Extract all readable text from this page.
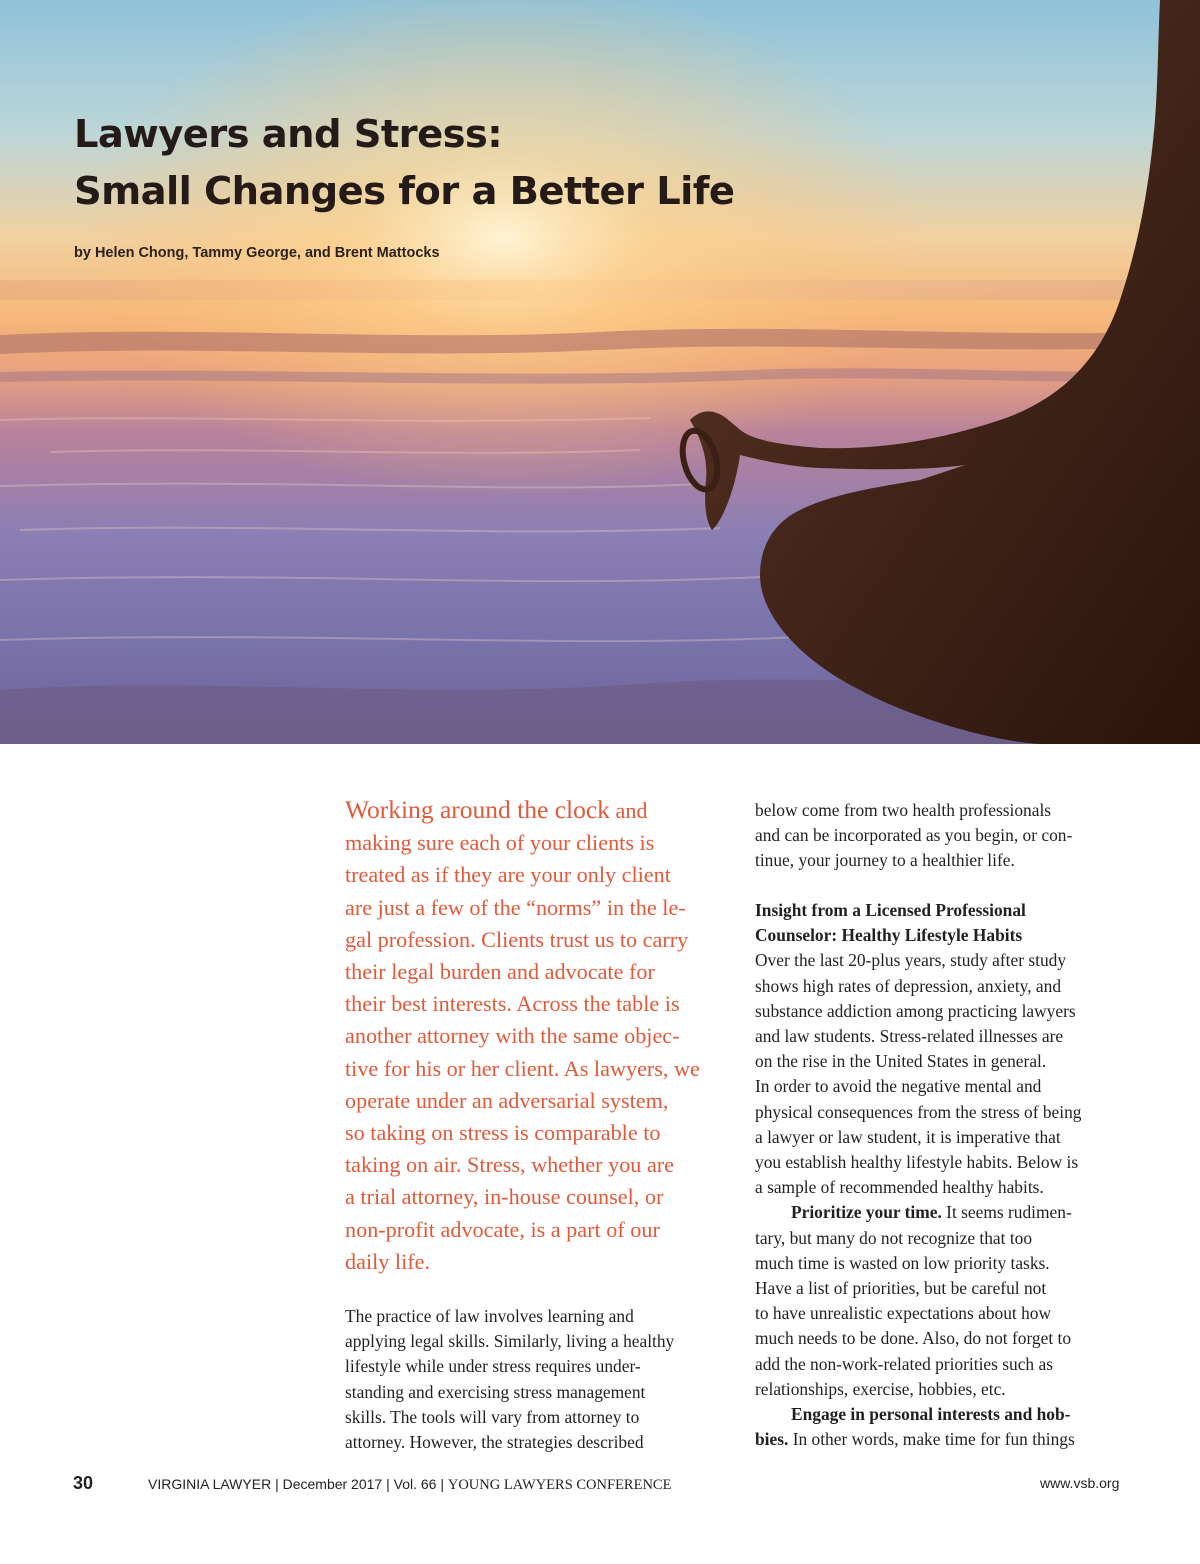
Lawyers and Stress:
Small Changes for a Better Life

by Helen Chong, Tammy George, and Brent Mattocks

Working around the clock and
making sure each of your clients is
treated as if they are your only client
are just a few of the “norms” in the le-
gal profession. Clients trust us to carry
their legal burden and advocate for
their best interests. Across the table is
another attorney with the same objec-
tive for his or her client. As lawyers, we
operate under an adversarial system,
so taking on stress is comparable to
taking on air. Stress, whether you are
a trial attorney, in-house counsel, or
non-profit advocate, is a part of our
daily life.
The practice of law involves learning and
applying legal skills. Similarly, living a healthy
lifestyle while under stress requires under-
standing and exercising stress management
skills. The tools will vary from attorney to
attorney. However, the strategies described
below come from two health professionals
and can be incorporated as you begin, or con-
tinue, your journey to a healthier life.
Insight from a Licensed Professional
Counselor: Healthy Lifestyle Habits
Over the last 20-plus years, study after study
shows high rates of depression, anxiety, and
substance addiction among practicing lawyers
and law students. Stress-related illnesses are
on the rise in the United States in general.
In order to avoid the negative mental and
physical consequences from the stress of being
a lawyer or law student, it is imperative that
you establish healthy lifestyle habits. Below is
a sample of recommended healthy habits.
Prioritize your time. It seems rudimen-
tary, but many do not recognize that too
much time is wasted on low priority tasks.
Have a list of priorities, but be careful not
to have unrealistic expectations about how
much needs to be done. Also, do not forget to
add the non-work-related priorities such as
relationships, exercise, hobbies, etc.
Engage in personal interests and hob-
bies. In other words, make time for fun things
30	VIRGINIA LAWYER | December 2017 | Vol. 66 | YOUNG LAWYERS CONFERENCE	www.vsb.org
